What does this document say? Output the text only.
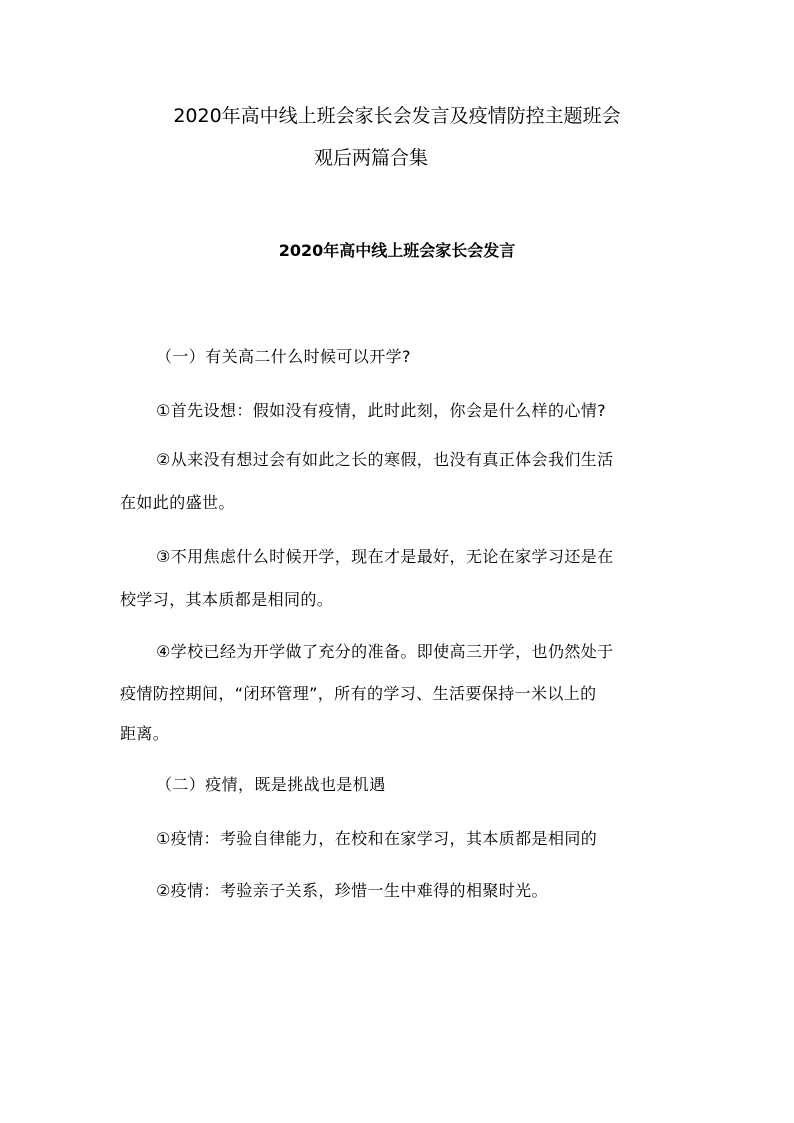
2020年高中线上班会家长会发言及疫情防控主题班会
观后两篇合集
2020年高中线上班会家长会发言
（一）有关高二什么时候可以开学?
①首先设想：假如没有疫情，此时此刻，你会是什么样的心情?
②从来没有想过会有如此之长的寒假，也没有真正体会我们生活
在如此的盛世。
③不用焦虑什么时候开学，现在才是最好，无论在家学习还是在
校学习，其本质都是相同的。
④学校已经为开学做了充分的准备。即使高三开学，也仍然处于
疫情防控期间，“闭环管理”，所有的学习、生活要保持一米以上的
距离。
（二）疫情，既是挑战也是机遇
①疫情：考验自律能力，在校和在家学习，其本质都是相同的
②疫情：考验亲子关系，珍惜一生中难得的相聚时光。
